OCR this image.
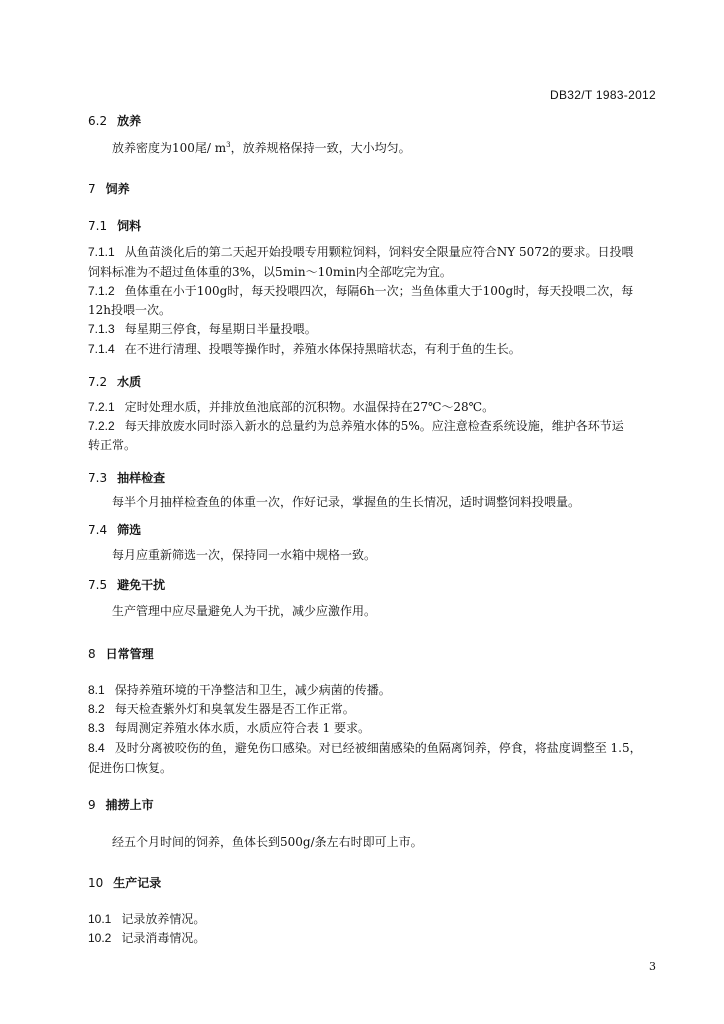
DB32/T 1983-2012
6.2 放养
放养密度为100尾/ $m^3$，放养规格保持一致，大小均匀。
7 饲养
7.1 饲料
7.1.1 从鱼苗淡化后的第二天起开始投喂专用颗粒饲料，饲料安全限量应符合NY 5072的要求。日投喂
饲料标准为不超过鱼体重的3%，以5min～10min内全部吃完为宜。
7.1.2 鱼体重在小于100g时，每天投喂四次，每隔6h一次；当鱼体重大于100g时，每天投喂二次，每
12h投喂一次。
7.1.3 每星期三停食，每星期日半量投喂。
7.1.4 在不进行清理、投喂等操作时，养殖水体保持黑暗状态，有利于鱼的生长。
7.2 水质
7.2.1 定时处理水质，并排放鱼池底部的沉积物。水温保持在27℃～28℃。
7.2.2 每天排放废水同时添入新水的总量约为总养殖水体的5%。应注意检查系统设施，维护各环节运
转正常。
7.3 抽样检查
每半个月抽样检查鱼的体重一次，作好记录，掌握鱼的生长情况，适时调整饲料投喂量。
7.4 筛选
每月应重新筛选一次，保持同一水箱中规格一致。
7.5 避免干扰
生产管理中应尽量避免人为干扰，减少应激作用。
8 日常管理
8.1 保持养殖环境的干净整洁和卫生，减少病菌的传播。
8.2 每天检查紫外灯和臭氧发生器是否工作正常。
8.3 每周测定养殖水体水质，水质应符合表 1 要求。
8.4 及时分离被咬伤的鱼，避免伤口感染。对已经被细菌感染的鱼隔离饲养，停食，将盐度调整至 1.5，
促进伤口恢复。
9 捕捞上市
经五个月时间的饲养，鱼体长到500g/条左右时即可上市。
10 生产记录
10.1 记录放养情况。
10.2 记录消毒情况。
3
